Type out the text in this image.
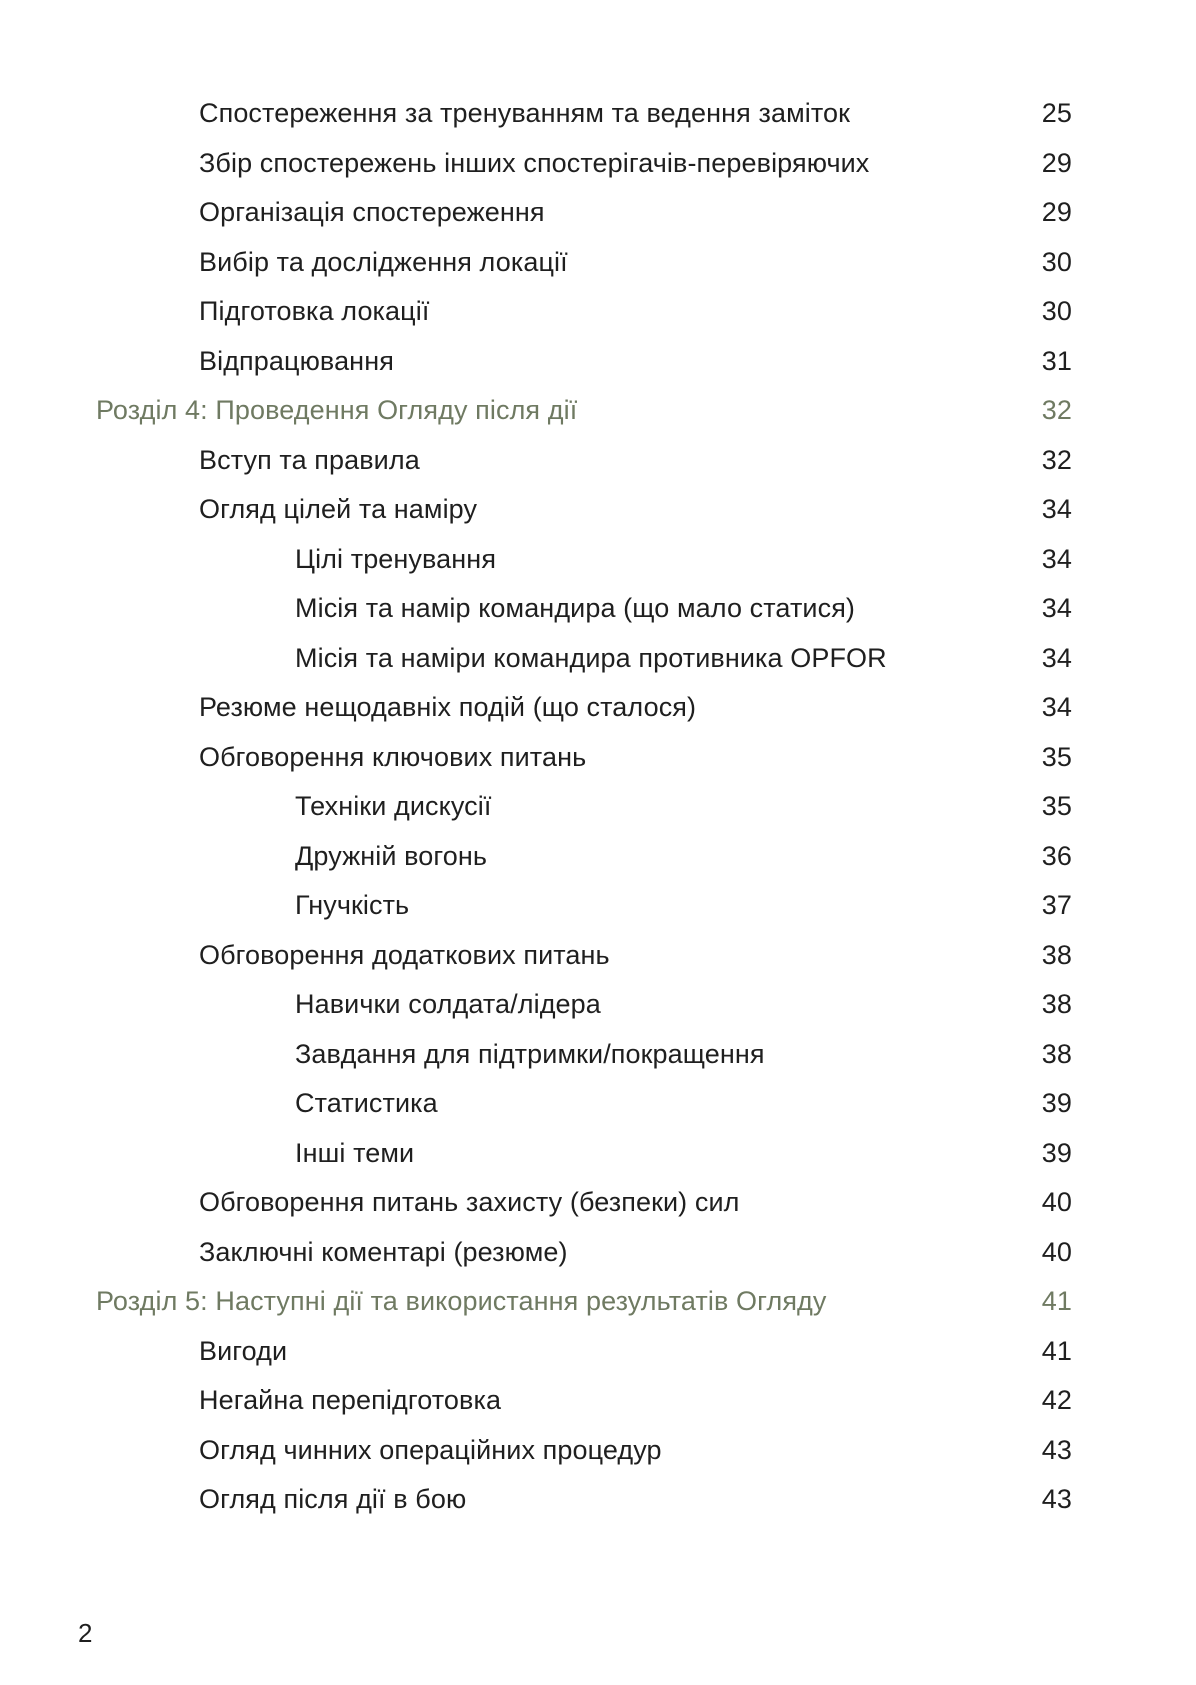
Спостереження за тренуванням та ведення заміток	25
Збір спостережень інших спостерігачів-перевіряючих	29
Організація спостереження	29
Вибір та дослідження локації	30
Підготовка локації	30
Відпрацювання	31
Розділ 4: Проведення Огляду після дії	32
Вступ та правила	32
Огляд цілей та наміру	34
Цілі тренування	34
Місія та намір командира (що мало статися)	34
Місія та наміри командира противника OPFOR	34
Резюме нещодавніх подій (що сталося)	34
Обговорення ключових питань	35
Техніки дискусії	35
Дружній вогонь	36
Гнучкість	37
Обговорення додаткових питань	38
Навички солдата/лідера	38
Завдання для підтримки/покращення	38
Статистика	39
Інші теми	39
Обговорення питань захисту (безпеки) сил	40
Заключні коментарі (резюме)	40
Розділ 5: Наступні дії та використання результатів Огляду	41
Вигоди	41
Негайна перепідготовка	42
Огляд чинних операційних процедур	43
Огляд після дії в бою	43
2
